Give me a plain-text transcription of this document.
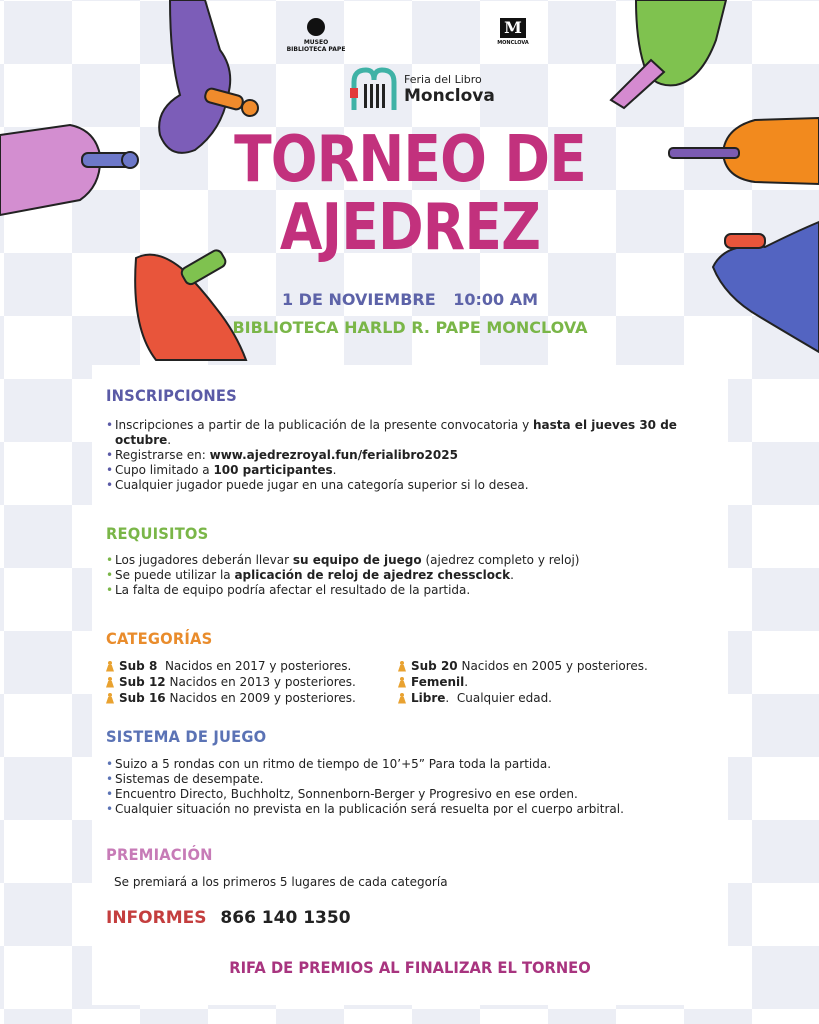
MUSEO
BIBLIOTECA PAPE
M
MONCLOVA
Feria del Libro
Monclova
TORNEO DE
AJEDREZ
1 DE NOVIEMBRE 10:00 AM
BIBLIOTECA HARLD R. PAPE MONCLOVA
INSCRIPCIONES
• Inscripciones a partir de la publicación de la presente convocatoria y hasta el jueves 30 de octubre.
• Registrarse en: www.ajedrezroyal.fun/ferialibro2025
• Cupo limitado a 100 participantes.
• Cualquier jugador puede jugar en una categoría superior si lo desea.
REQUISITOS
• Los jugadores deberán llevar su equipo de juego (ajedrez completo y reloj)
• Se puede utilizar la aplicación de reloj de ajedrez chessclock.
• La falta de equipo podría afectar el resultado de la partida.
CATEGORÍAS
Sub 8 Nacidos en 2017 y posteriores.
Sub 12 Nacidos en 2013 y posteriores.
Sub 16 Nacidos en 2009 y posteriores.
Sub 20 Nacidos en 2005 y posteriores.
Femenil .
Libre .  Cualquier edad.
SISTEMA DE JUEGO
• Suizo a 5 rondas con un ritmo de tiempo de 10’+5” Para toda la partida.
• Sistemas de desempate.
• Encuentro Directo, Buchholtz, Sonnenborn-Berger y Progresivo en ese orden.
• Cualquier situación no prevista en la publicación será resuelta por el cuerpo arbitral.
PREMIACIÓN
Se premiará a los primeros 5 lugares de cada categoría
INFORMES 866 140 1350
RIFA DE PREMIOS AL FINALIZAR EL TORNEO
